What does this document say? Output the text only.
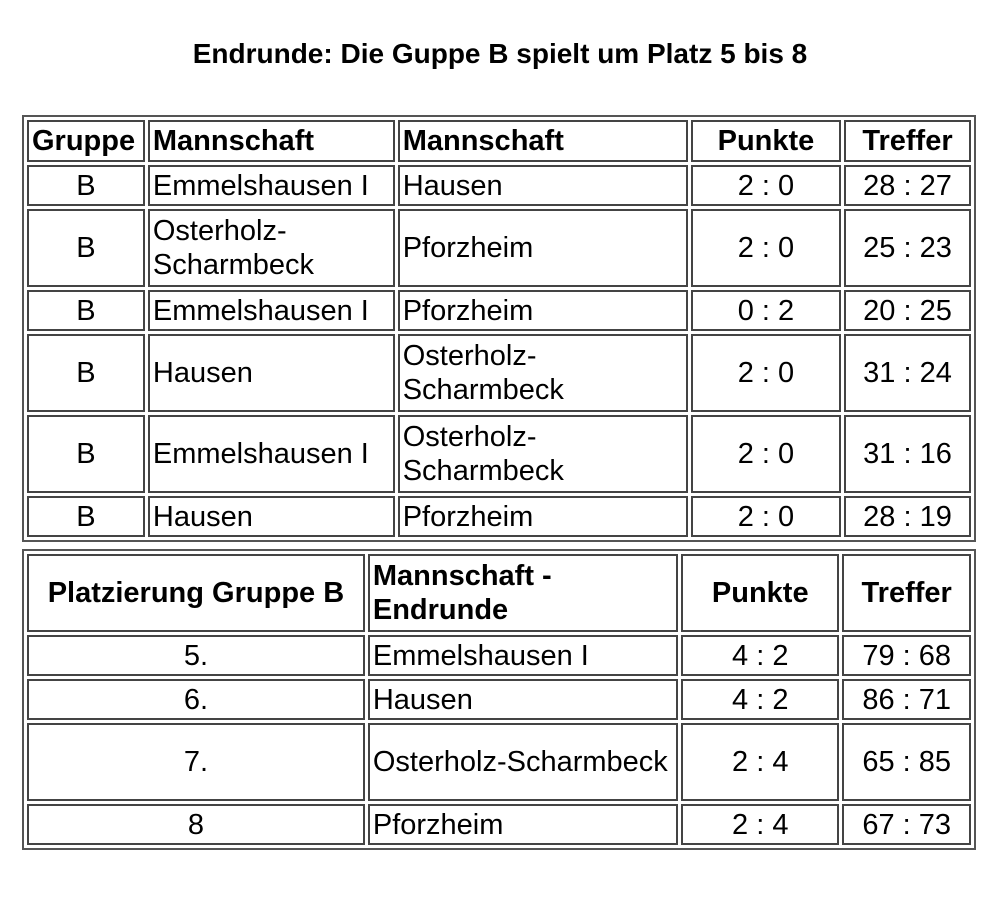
Endrunde: Die Guppe B spielt um Platz 5 bis 8
Gruppe	Mannschaft	Mannschaft	Punkte	Treffer
B	Emmelshausen I	Hausen	2 : 0	28 : 27
B	Osterholz-Scharmbeck	Pforzheim	2 : 0	25 : 23
B	Emmelshausen I	Pforzheim	0 : 2	20 : 25
B	Hausen	Osterholz-Scharmbeck	2 : 0	31 : 24
B	Emmelshausen I	Osterholz-Scharmbeck	2 : 0	31 : 16
B	Hausen	Pforzheim	2 : 0	28 : 19
Platzierung Gruppe B	Mannschaft - Endrunde	Punkte	Treffer
5.	Emmelshausen I	4 : 2	79 : 68
6.	Hausen	4 : 2	86 : 71
7.	Osterholz-Scharmbeck	2 : 4	65 : 85
8	Pforzheim	2 : 4	67 : 73
